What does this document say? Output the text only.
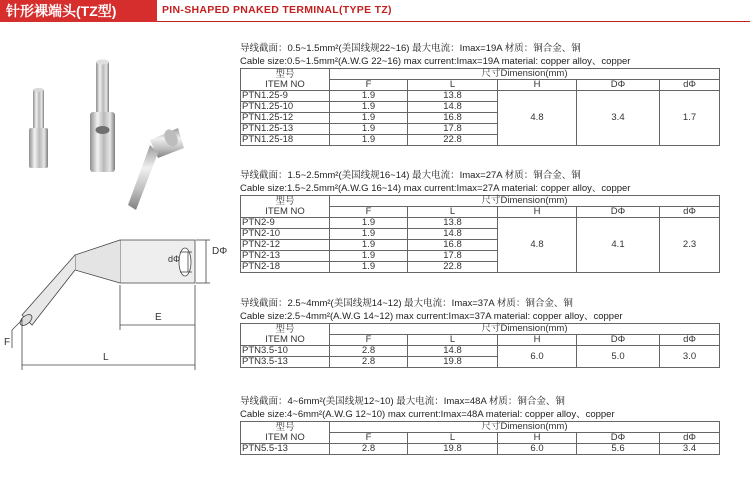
针形裸端头(TZ型)	PIN-SHAPED PNAKED TERMINAL(TYPE TZ)
DΦ
dΦ
E
F
L
导线截面：0.5~1.5mm²(美国线规22~16) 最大电流：Imax=19A 材质：铜合金、铜
Cable size:0.5~1.5mm²(A.W.G 22~16) max current:Imax=19A material: copper alloy、copper
型号
ITEM NO	尺寸Dimension(mm)				
	F	L	H	DΦ	dΦ
PTN1.25-9	1.9	13.8	4.8	3.4	1.7
PTN1.25-10	1.9	14.8			
PTN1.25-12	1.9	16.8			
PTN1.25-13	1.9	17.8			
PTN1.25-18	1.9	22.8			
导线截面：1.5~2.5mm²(美国线规16~14) 最大电流：Imax=27A 材质：铜合金、铜
Cable size:1.5~2.5mm²(A.W.G 16~14) max current:Imax=27A material: copper alloy、copper
型号
ITEM NO	尺寸Dimension(mm)				
	F	L	H	DΦ	dΦ
PTN2-9	1.9	13.8	4.8	4.1	2.3
PTN2-10	1.9	14.8			
PTN2-12	1.9	16.8			
PTN2-13	1.9	17.8			
PTN2-18	1.9	22.8			
导线截面：2.5~4mm²(美国线规14~12) 最大电流：Imax=37A 材质：铜合金、铜
Cable size:2.5~4mm²(A.W.G 14~12) max current:Imax=37A material: copper alloy、copper
型号
ITEM NO	尺寸Dimension(mm)				
	F	L	H	DΦ	dΦ
PTN3.5-10	2.8	14.8	6.0	5.0	3.0
PTN3.5-13	2.8	19.8			
导线截面：4~6mm²(美国线规12~10) 最大电流：Imax=48A 材质：铜合金、铜
Cable size:4~6mm²(A.W.G 12~10) max current:Imax=48A material: copper alloy、copper
型号
ITEM NO	尺寸Dimension(mm)				
	F	L	H	DΦ	dΦ
PTN5.5-13	2.8	19.8	6.0	5.6	3.4
